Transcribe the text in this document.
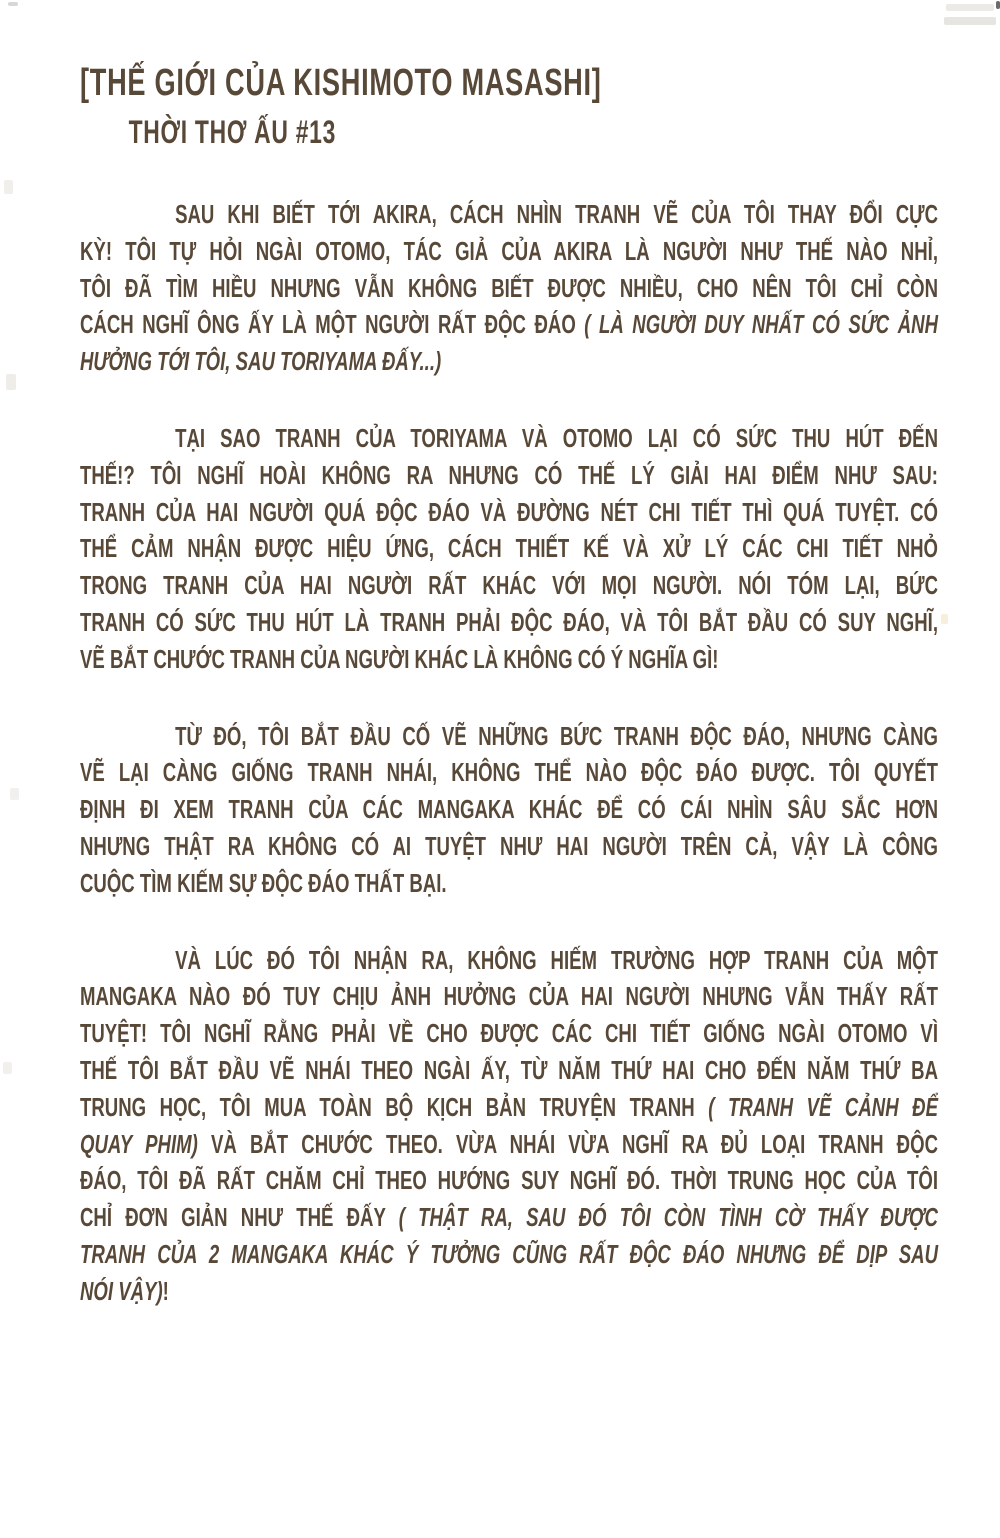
[THẾ GIỚI CỦA KISHIMOTO MASASHI]
THỜI THƠ ẤU #13
SAU KHI BIẾT TỚI AKIRA, CÁCH NHÌN TRANH VẼ CỦA TÔI THAY ĐỔI CỰC
KỲ! TÔI TỰ HỎI NGÀI OTOMO, TÁC GIẢ CỦA AKIRA LÀ NGƯỜI NHƯ THẾ NÀO NHỈ,
TÔI ĐÃ TÌM HIỀU NHƯNG VẪN KHÔNG BIẾT ĐƯỢC NHIỀU, CHO NÊN TÔI CHỈ CÒN
CÁCH NGHĨ ÔNG ẤY LÀ MỘT NGƯỜI RẤT ĐỘC ĐÁO ( LÀ NGƯỜI DUY NHẤT CÓ SỨC ẢNH
HƯỞNG TỚI TÔI, SAU TORIYAMA ĐẤY...)
TẠI SAO TRANH CỦA TORIYAMA VÀ OTOMO LẠI CÓ SỨC THU HÚT ĐẾN
THẾ!? TÔI NGHĨ HOÀI KHÔNG RA NHƯNG CÓ THẾ LÝ GIẢI HAI ĐIỂM NHƯ SAU:
TRANH CỦA HAI NGƯỜI QUÁ ĐỘC ĐÁO VÀ ĐƯỜNG NÉT CHI TIẾT THÌ QUÁ TUYỆT. CÓ
THỂ CẢM NHẬN ĐƯỢC HIỆU ỨNG, CÁCH THIẾT KẾ VÀ XỬ LÝ CÁC CHI TIẾT NHỎ
TRONG TRANH CỦA HAI NGƯỜI RẤT KHÁC VỚI MỌI NGƯỜI. NÓI TÓM LẠI, BỨC
TRANH CÓ SỨC THU HÚT LÀ TRANH PHẢI ĐỘC ĐÁO, VÀ TÔI BẮT ĐẦU CÓ SUY NGHĨ,
VẼ BẮT CHƯỚC TRANH CỦA NGƯỜI KHÁC LÀ KHÔNG CÓ Ý NGHĨA GÌ!
TỪ ĐÓ, TÔI BẮT ĐẦU CỐ VẼ NHỮNG BỨC TRANH ĐỘC ĐÁO, NHƯNG CÀNG
VẼ LẠI CÀNG GIỐNG TRANH NHÁI, KHÔNG THỂ NÀO ĐỘC ĐÁO ĐƯỢC. TÔI QUYẾT
ĐỊNH ĐI XEM TRANH CỦA CÁC MANGAKA KHÁC ĐỂ CÓ CÁI NHÌN SÂU SẮC HƠN
NHƯNG THẬT RA KHÔNG CÓ AI TUYỆT NHƯ HAI NGƯỜI TRÊN CẢ, VẬY LÀ CÔNG
CUỘC TÌM KIẾM SỰ ĐỘC ĐÁO THẤT BẠI.
VÀ LÚC ĐÓ TÔI NHẬN RA, KHÔNG HIẾM TRƯỜNG HỢP TRANH CỦA MỘT
MANGAKA NÀO ĐÓ TUY CHỊU ẢNH HƯỞNG CỦA HAI NGƯỜI NHƯNG VẪN THẤY RẤT
TUYỆT! TÔI NGHĨ RẰNG PHẢI VỀ CHO ĐƯỢC CÁC CHI TIẾT GIỐNG NGÀI OTOMO VÌ
THẾ TÔI BẮT ĐẦU VẼ NHÁI THEO NGÀI ẤY, TỪ NĂM THỨ HAI CHO ĐẾN NĂM THỨ BA
TRUNG HỌC, TÔI MUA TOÀN BỘ KỊCH BẢN TRUYỆN TRANH ( TRANH VẼ CẢNH ĐỂ
QUAY PHIM) VÀ BẮT CHƯỚC THEO. VỪA NHÁI VỪA NGHĨ RA ĐỦ LOẠI TRANH ĐỘC
ĐÁO, TÔI ĐÃ RẤT CHĂM CHỈ THEO HƯỚNG SUY NGHĨ ĐÓ. THỜI TRUNG HỌC CỦA TÔI
CHỈ ĐƠN GIẢN NHƯ THẾ ĐẤY ( THẬT RA, SAU ĐÓ TÔI CÒN TÌNH CỜ THẤY ĐƯỢC
TRANH CỦA 2 MANGAKA KHÁC Ý TƯỞNG CŨNG RẤT ĐỘC ĐÁO NHƯNG ĐỂ DỊP SAU
NÓI VẬY)!
